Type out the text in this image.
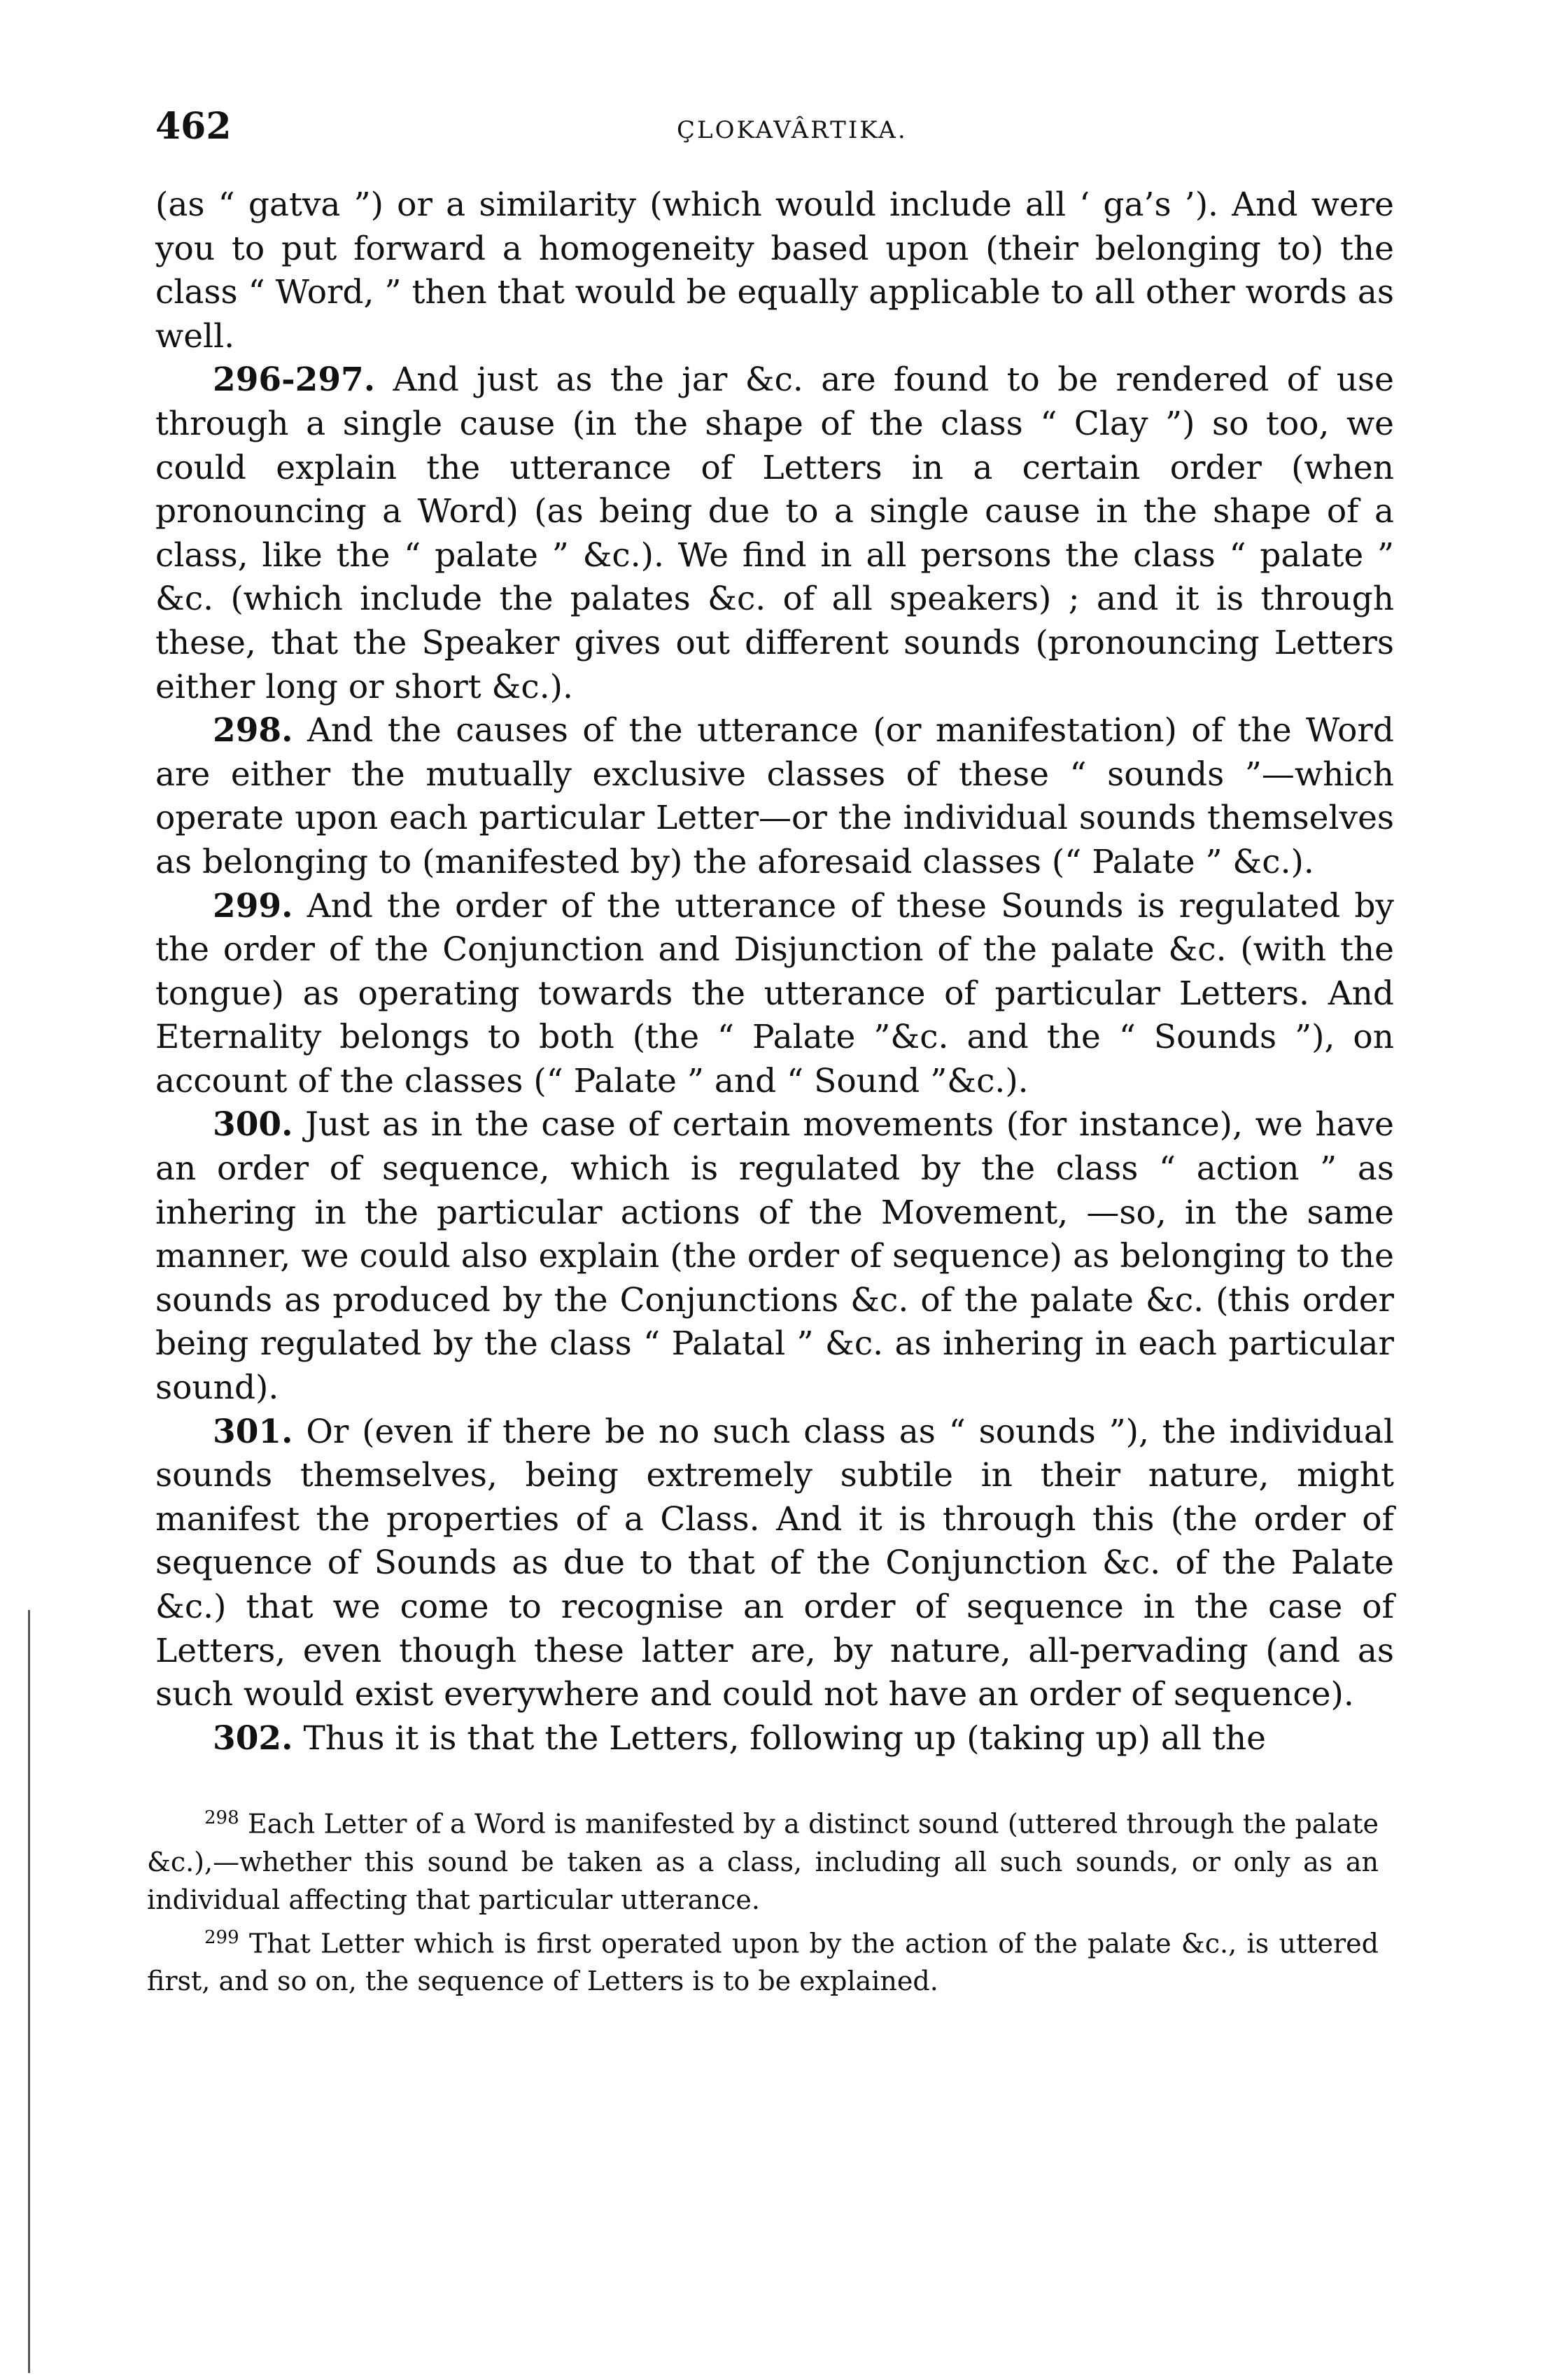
462	ÇLOKAVÂRTIKA.

(as “ gatva ”) or a similarity (which would include all ‘ ga’s ’). And were you to put forward a homogeneity based upon (their belonging to) the class “ Word, ” then that would be equally applicable to all other words as well.

296-297. And just as the jar &c. are found to be rendered of use through a single cause (in the shape of the class “ Clay ”) so too, we could explain the utterance of Letters in a certain order (when pronouncing a Word) (as being due to a single cause in the shape of a class, like the “ palate ” &c.). We find in all persons the class “ palate ” &c. (which include the palates &c. of all speakers) ; and it is through these, that the Speaker gives out different sounds (pronouncing Letters either long or short &c.).

298. And the causes of the utterance (or manifestation) of the Word are either the mutually exclusive classes of these “ sounds ”—which operate upon each particular Letter—or the individual sounds themselves as belonging to (manifested by) the aforesaid classes (“ Palate ” &c.).

299. And the order of the utterance of these Sounds is regulated by the order of the Conjunction and Disjunction of the palate &c. (with the tongue) as operating towards the utterance of particular Letters. And Eternality belongs to both (the “ Palate ”&c. and the “ Sounds ”), on account of the classes (“ Palate ” and “ Sound ”&c.).

300. Just as in the case of certain movements (for instance), we have an order of sequence, which is regulated by the class “ action ” as inhering in the particular actions of the Movement, —so, in the same manner, we could also explain (the order of sequence) as belonging to the sounds as produced by the Conjunctions &c. of the palate &c. (this order being regulated by the class “ Palatal ” &c. as inhering in each particular sound).

301. Or (even if there be no such class as “ sounds ”), the individual sounds themselves, being extremely subtile in their nature, might manifest the properties of a Class. And it is through this (the order of sequence of Sounds as due to that of the Conjunction &c. of the Palate &c.) that we come to recognise an order of sequence in the case of Letters, even though these latter are, by nature, all-pervading (and as such would exist everywhere and could not have an order of sequence).

302. Thus it is that the Letters, following up (taking up) all the

$^{298}$ Each Letter of a Word is manifested by a distinct sound (uttered through the palate &c.),—whether this sound be taken as a class, including all such sounds, or only as an individual affecting that particular utterance.

$^{299}$ That Letter which is first operated upon by the action of the palate &c., is uttered first, and so on, the sequence of Letters is to be explained.
